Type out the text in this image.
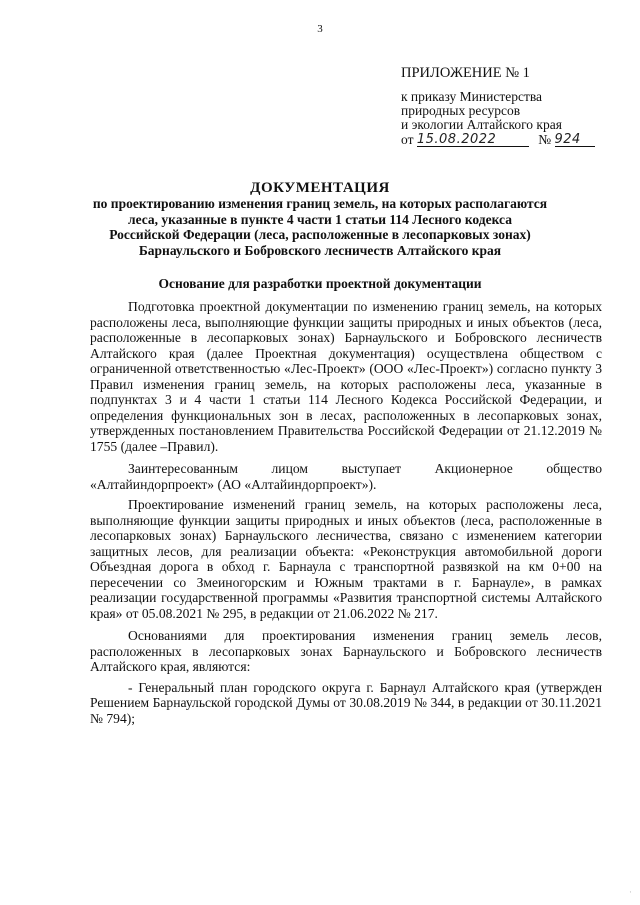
3
ПРИЛОЖЕНИЕ № 1
к приказу Министерства
природных ресурсов
и экологии Алтайского края
от 15.08.2022	№ 924
ДОКУМЕНТАЦИЯ
по проектированию изменения границ земель, на которых располагаются леса, указанные в пункте 4 части 1 статьи 114 Лесного кодекса Российской Федерации (леса, расположенные в лесопарковых зонах) Барнаульского и Бобровского лесничеств Алтайского края
Основание для разработки проектной документации

Подготовка проектной документации по изменению границ земель, на которых расположены леса, выполняющие функции защиты природных и иных объектов (леса, расположенные в лесопарковых зонах) Барнаульского и Бобровского лесничеств Алтайского края (далее Проектная документация) осуществлена обществом с ограниченной ответственностью «Лес-Проект» (ООО «Лес-Проект») согласно пункту 3 Правил изменения границ земель, на которых расположены леса, указанные в подпунктах 3 и 4 части 1 статьи 114 Лесного Кодекса Российской Федерации, и определения функциональных зон в лесах, расположенных в лесопарковых зонах, утвержденных постановлением Правительства Российской Федерации от 21.12.2019 № 1755 (далее –Правил).

Заинтересованным лицом выступает Акционерное общество «Алтайиндорпроект» (АО «Алтайиндорпроект»).

Проектирование изменений границ земель, на которых расположены леса, выполняющие функции защиты природных и иных объектов (леса, расположенные в лесопарковых зонах) Барнаульского лесничества, связано с изменением категории защитных лесов, для реализации объекта: «Реконструкция автомобильной дороги Объездная дорога в обход г. Барнаула с транспортной развязкой на км 0+00 на пересечении со Змеиногорским и Южным трактами в г. Барнауле», в рамках реализации государственной программы «Развития транспортной системы Алтайского края» от 05.08.2021 № 295, в редакции от 21.06.2022 № 217.

Основаниями для проектирования изменения границ земель лесов, расположенных в лесопарковых зонах Барнаульского и Бобровского лесничеств Алтайского края, являются:

- Генеральный план городского округа г. Барнаул Алтайского края (утвержден Решением Барнаульской городской Думы от 30.08.2019 № 344, в редакции от 30.11.2021 № 794);

·
